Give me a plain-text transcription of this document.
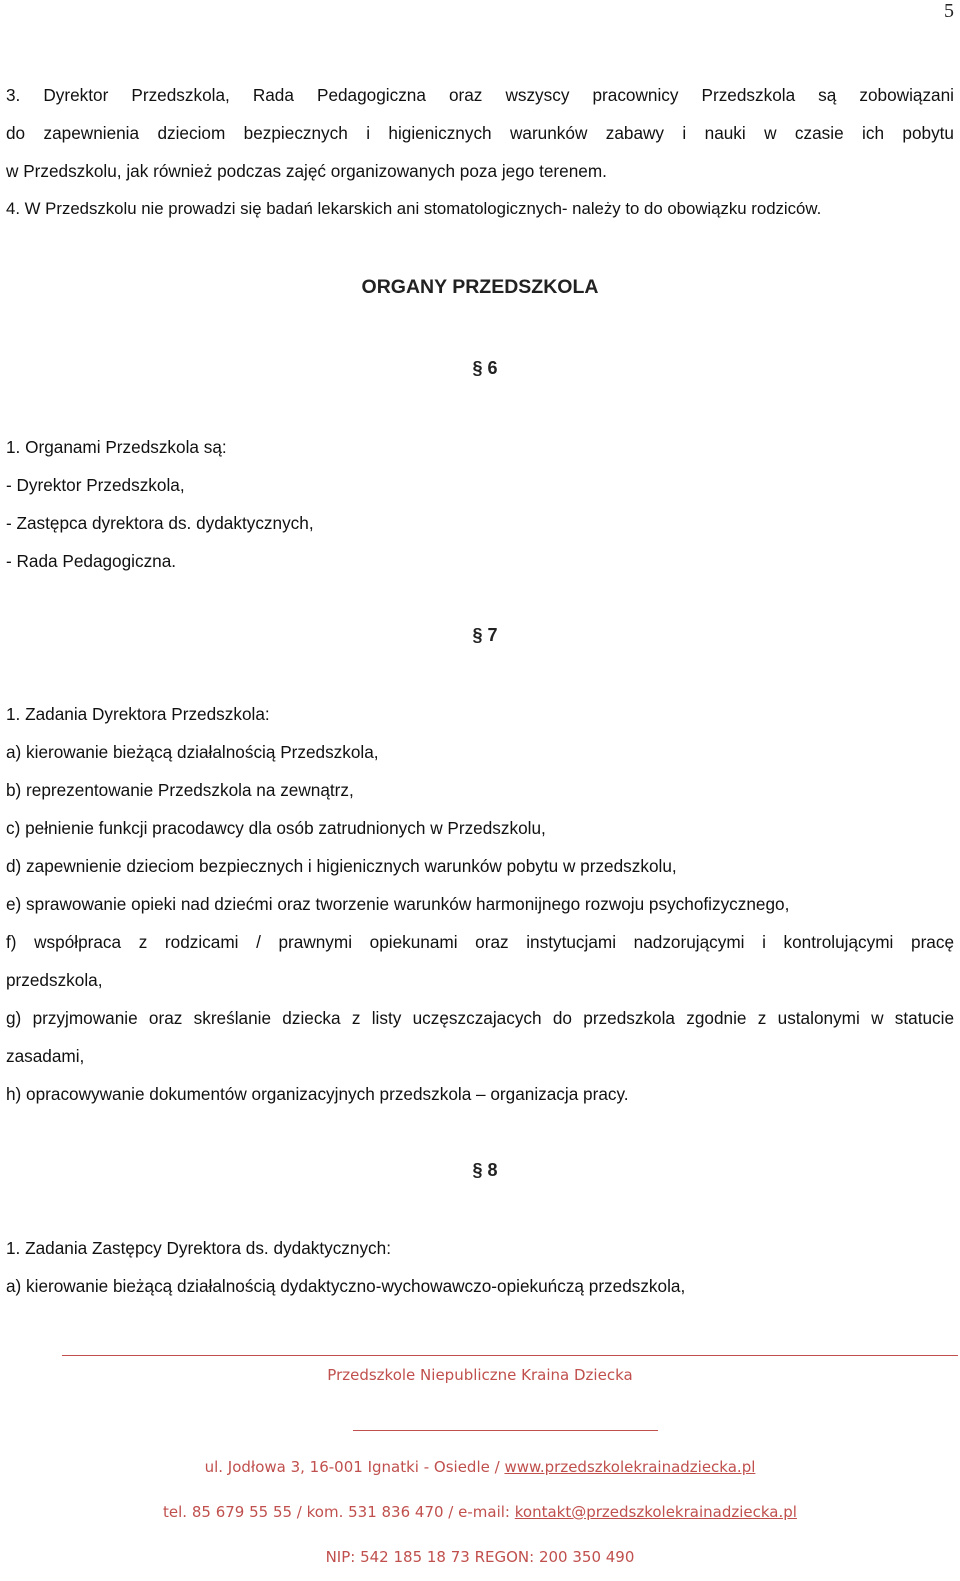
5

3. Dyrektor Przedszkola, Rada Pedagogiczna oraz wszyscy pracownicy Przedszkola są zobowiązani

do zapewnienia dzieciom bezpiecznych i higienicznych warunków zabawy i nauki w czasie ich pobytu

w Przedszkolu, jak również podczas zajęć organizowanych poza jego terenem.

4. W Przedszkolu nie prowadzi się badań lekarskich ani stomatologicznych- należy to do obowiązku rodziców.

ORGANY PRZEDSZKOLA
§ 6

1. Organami Przedszkola są:

- Dyrektor Przedszkola,

- Zastępca dyrektora ds. dydaktycznych,

- Rada Pedagogiczna.

§ 7

1. Zadania Dyrektora Przedszkola:

a) kierowanie bieżącą działalnością Przedszkola,

b) reprezentowanie Przedszkola na zewnątrz,

c) pełnienie funkcji pracodawcy dla osób zatrudnionych w Przedszkolu,

d) zapewnienie dzieciom bezpiecznych i higienicznych warunków pobytu w przedszkolu,

e) sprawowanie opieki nad dziećmi oraz tworzenie warunków harmonijnego rozwoju psychofizycznego,

f) współpraca z rodzicami / prawnymi opiekunami oraz instytucjami nadzorującymi i kontrolującymi pracę

przedszkola,

g) przyjmowanie oraz skreślanie dziecka z listy uczęszczajacych do przedszkola zgodnie z ustalonymi w statucie

zasadami,

h) opracowywanie dokumentów organizacyjnych przedszkola – organizacja pracy.

§ 8

1. Zadania Zastępcy Dyrektora ds. dydaktycznych:

a) kierowanie bieżącą działalnością dydaktyczno-wychowawczo-opiekuńczą przedszkola,

Przedszkole Niepubliczne Kraina Dziecka
ul. Jodłowa 3, 16-001 Ignatki - Osiedle / www.przedszkolekrainadziecka.pl
tel. 85 679 55 55 / kom. 531 836 470 / e-mail: kontakt@przedszkolekrainadziecka.pl
NIP: 542 185 18 73 REGON: 200 350 490
